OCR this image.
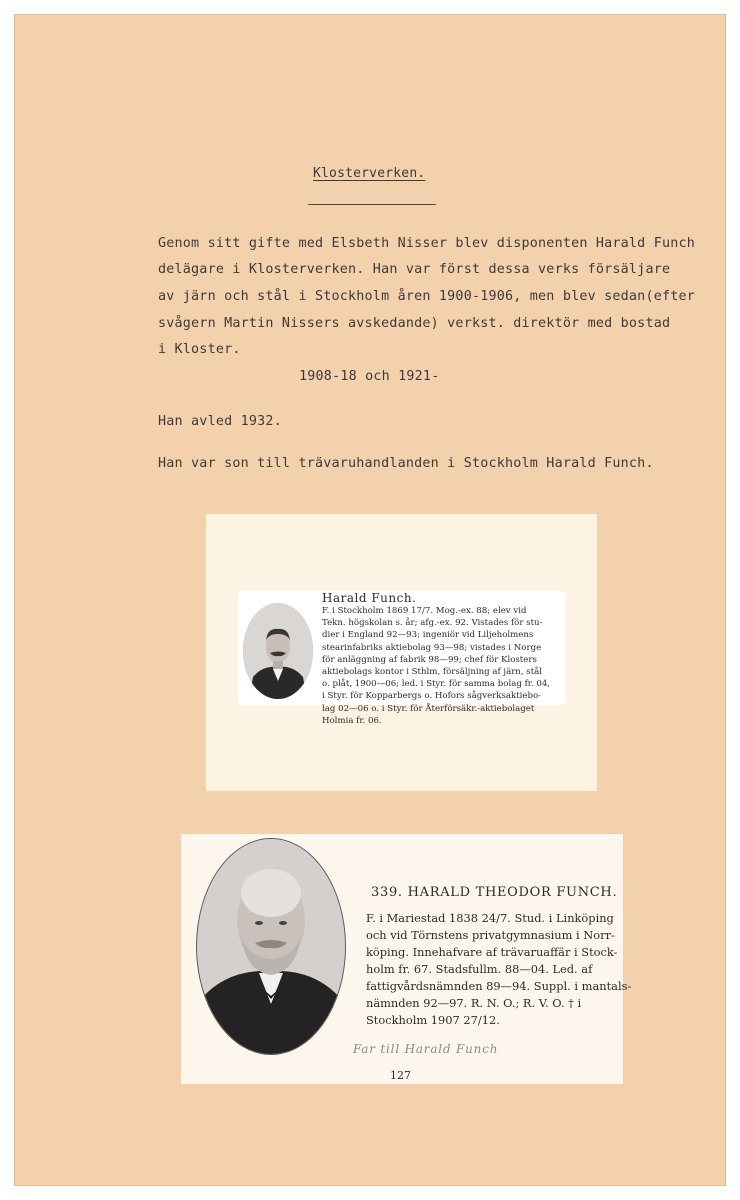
Klosterverken.
Genom sitt gifte med Elsbeth Nisser blev disponenten Harald Funch
delägare i Klosterverken. Han var först dessa verks försäljare
av järn och stål i Stockholm åren 1900-1906, men blev sedan(efter
svågern Martin Nissers avskedande) verkst. direktör med bostad
i Kloster.
1908-18 och 1921-
Han avled 1932.
Han var son till trävaruhandlanden i Stockholm Harald Funch.
Harald Funch.
F. i Stockholm 1869 17/7. Mog.-ex. 88; elev vid
Tekn. högskolan s. år; afg.-ex. 92. Vistades för stu-
dier i England 92—93; ingeniör vid Liljeholmens
stearinfabriks aktiebolag 93—98; vistades i Norge
för anläggning af fabrik 98—99; chef för Klosters
aktiebolags kontor i Sthlm, försäljning af järn, stål
o. plåt, 1900—06; led. i Styr. för samma bolag fr. 04,
i Styr. för Kopparbergs o. Hofors sågverksaktiebo-
lag 02—06 o. i Styr. för Återförsäkr.-aktiebolaget
Holmia fr. 06.
339. HARALD THEODOR FUNCH.
F. i Mariestad 1838 24/7. Stud. i Linköping
och vid Törnstens privatgymnasium i Norr-
köping. Innehafvare af trävaruaffär i Stock-
holm fr. 67. Stadsfullm. 88—04. Led. af
fattigvårdsnämnden 89—94. Suppl. i mantals-
nämnden 92—97. R. N. O.; R. V. O. † i
Stockholm 1907 27/12.
Far till Harald Funch
127
